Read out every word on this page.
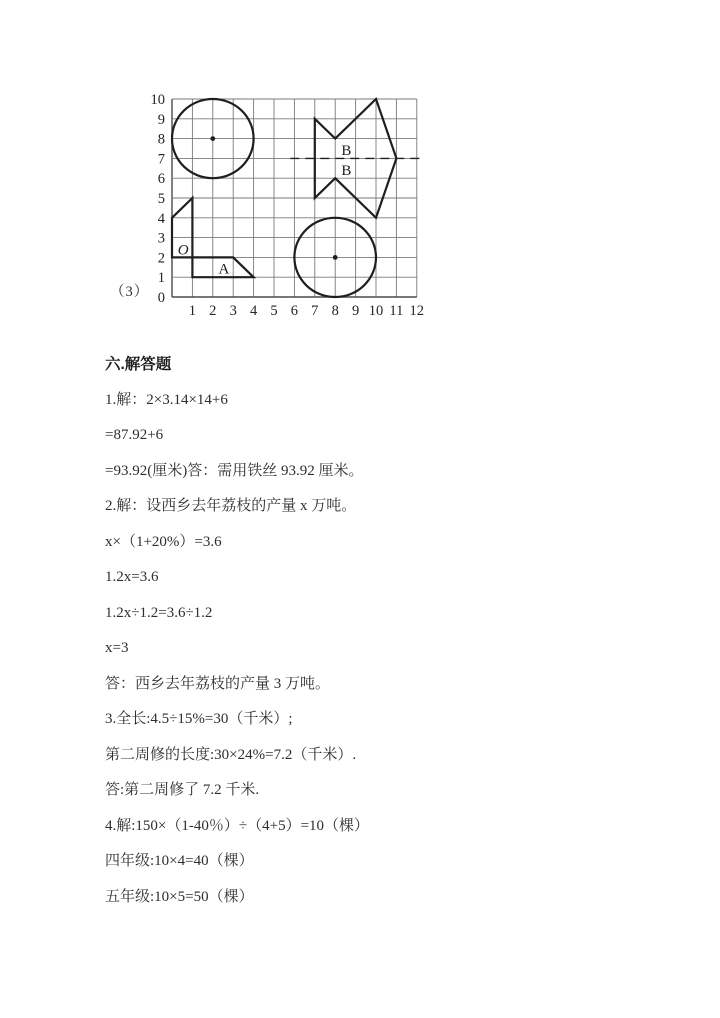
（3）
1 2 3 4 5 6 7 8 9 10 11 12
0
1
2
3
4
5
6
7
8
9
10
B
B
O
A

六.解答题

1.解：2×3.14×14+6

=87.92+6

=93.92(厘米)答：需用铁丝 93.92 厘米。

2.解：设西乡去年荔枝的产量 x 万吨。

x×（1+20%）=3.6

1.2x=3.6

1.2x÷1.2=3.6÷1.2

x=3

答：西乡去年荔枝的产量 3 万吨。

3.全长:4.5÷15%=30（千米）;

第二周修的长度:30×24%=7.2（千米）.

答:第二周修了 7.2 千米.

4.解:150×（1-40％）÷（4+5）=10（棵）

四年级:10×4=40（棵）

五年级:10×5=50（棵）
